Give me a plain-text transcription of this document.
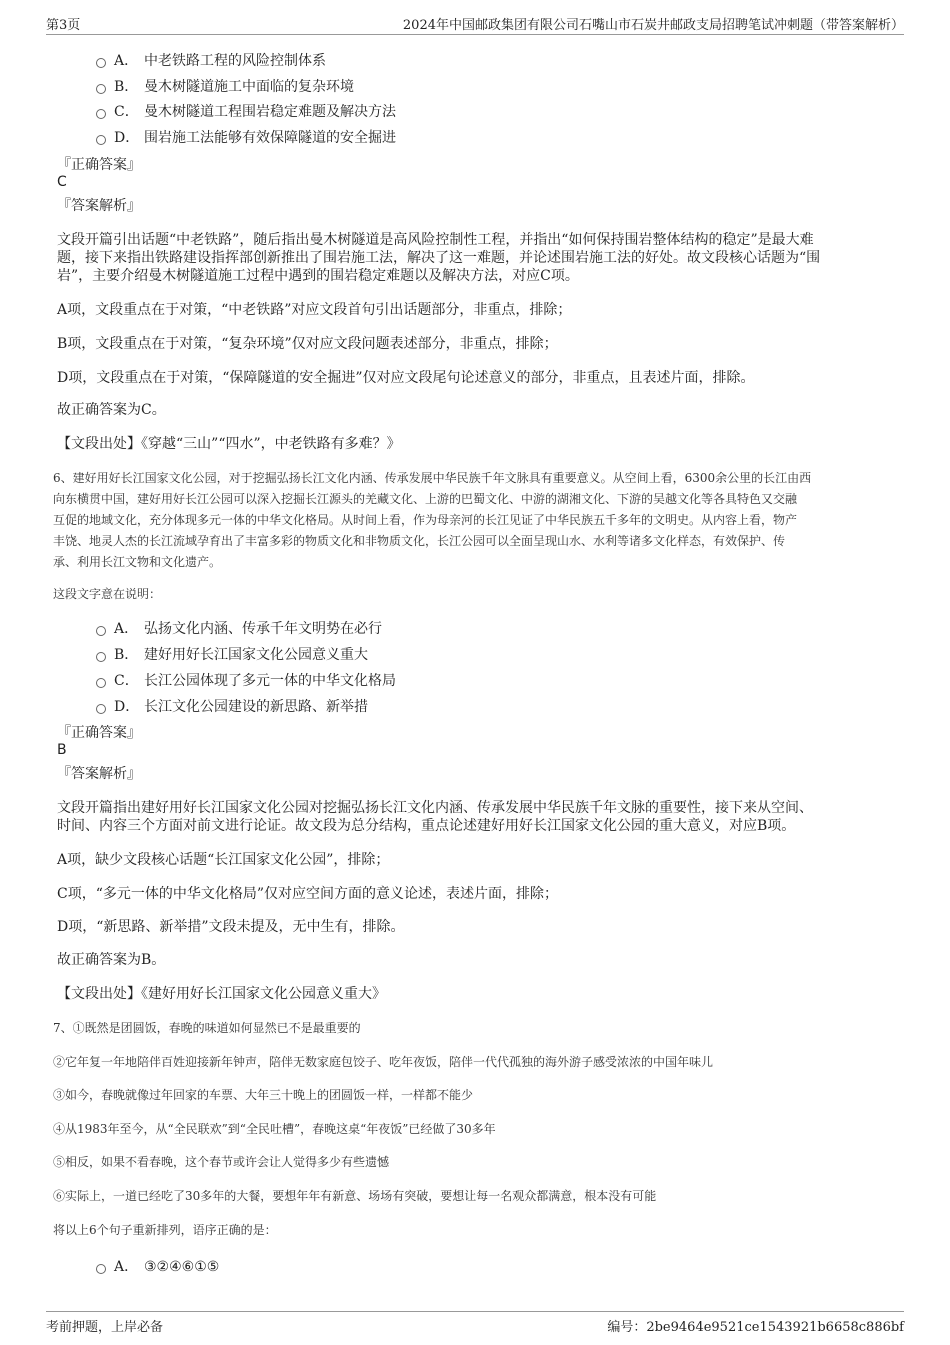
第3页	2024年中国邮政集团有限公司石嘴山市石炭井邮政支局招聘笔试冲刺题（带答案解析）
A． 中老铁路工程的风险控制体系
B． 曼木树隧道施工中面临的复杂环境
C． 曼木树隧道工程围岩稳定难题及解决方法
D． 围岩施工法能够有效保障隧道的安全掘进
『正确答案』
C
『答案解析』
文段开篇引出话题“中老铁路”，随后指出曼木树隧道是高风险控制性工程，并指出“如何保持围岩整体结构的稳定”是最大难
题，接下来指出铁路建设指挥部创新推出了围岩施工法，解决了这一难题，并论述围岩施工法的好处。故文段核心话题为“围
岩”，主要介绍曼木树隧道施工过程中遇到的围岩稳定难题以及解决方法，对应C项。
A项，文段重点在于对策，“中老铁路”对应文段首句引出话题部分，非重点，排除；
B项，文段重点在于对策，“复杂环境”仅对应文段问题表述部分，非重点，排除；
D项，文段重点在于对策，“保障隧道的安全掘进”仅对应文段尾句论述意义的部分，非重点，且表述片面，排除。
故正确答案为C。
【文段出处】《穿越“三山”“四水”，中老铁路有多难？》
6、建好用好长江国家文化公园，对于挖掘弘扬长江文化内涵、传承发展中华民族千年文脉具有重要意义。从空间上看，6300余公里的长江由西
向东横贯中国，建好用好长江公园可以深入挖掘长江源头的羌藏文化、上游的巴蜀文化、中游的湖湘文化、下游的吴越文化等各具特色又交融
互促的地域文化，充分体现多元一体的中华文化格局。从时间上看，作为母亲河的长江见证了中华民族五千多年的文明史。从内容上看，物产
丰饶、地灵人杰的长江流域孕育出了丰富多彩的物质文化和非物质文化，长江公园可以全面呈现山水、水利等诸多文化样态，有效保护、传
承、利用长江文物和文化遗产。
这段文字意在说明：
A． 弘扬文化内涵、传承千年文明势在必行
B． 建好用好长江国家文化公园意义重大
C． 长江公园体现了多元一体的中华文化格局
D． 长江文化公园建设的新思路、新举措
『正确答案』
B
『答案解析』
文段开篇指出建好用好长江国家文化公园对挖掘弘扬长江文化内涵、传承发展中华民族千年文脉的重要性，接下来从空间、
时间、内容三个方面对前文进行论证。故文段为总分结构，重点论述建好用好长江国家文化公园的重大意义，对应B项。
A项，缺少文段核心话题“长江国家文化公园”，排除；
C项，“多元一体的中华文化格局”仅对应空间方面的意义论述，表述片面，排除；
D项，“新思路、新举措”文段未提及，无中生有，排除。
故正确答案为B。
【文段出处】《建好用好长江国家文化公园意义重大》
7、①既然是团圆饭，春晚的味道如何显然已不是最重要的
②它年复一年地陪伴百姓迎接新年钟声，陪伴无数家庭包饺子、吃年夜饭，陪伴一代代孤独的海外游子感受浓浓的中国年味儿
③如今，春晚就像过年回家的车票、大年三十晚上的团圆饭一样，一样都不能少
④从1983年至今，从“全民联欢”到“全民吐槽”，春晚这桌“年夜饭”已经做了30多年
⑤相反，如果不看春晚，这个春节或许会让人觉得多少有些遗憾
⑥实际上，一道已经吃了30多年的大餐，要想年年有新意、场场有突破，要想让每一名观众都满意，根本没有可能
将以上6个句子重新排列，语序正确的是：
A． ③②④⑥①⑤
考前押题，上岸必备	编号：2be9464e9521ce1543921b6658c886bf
